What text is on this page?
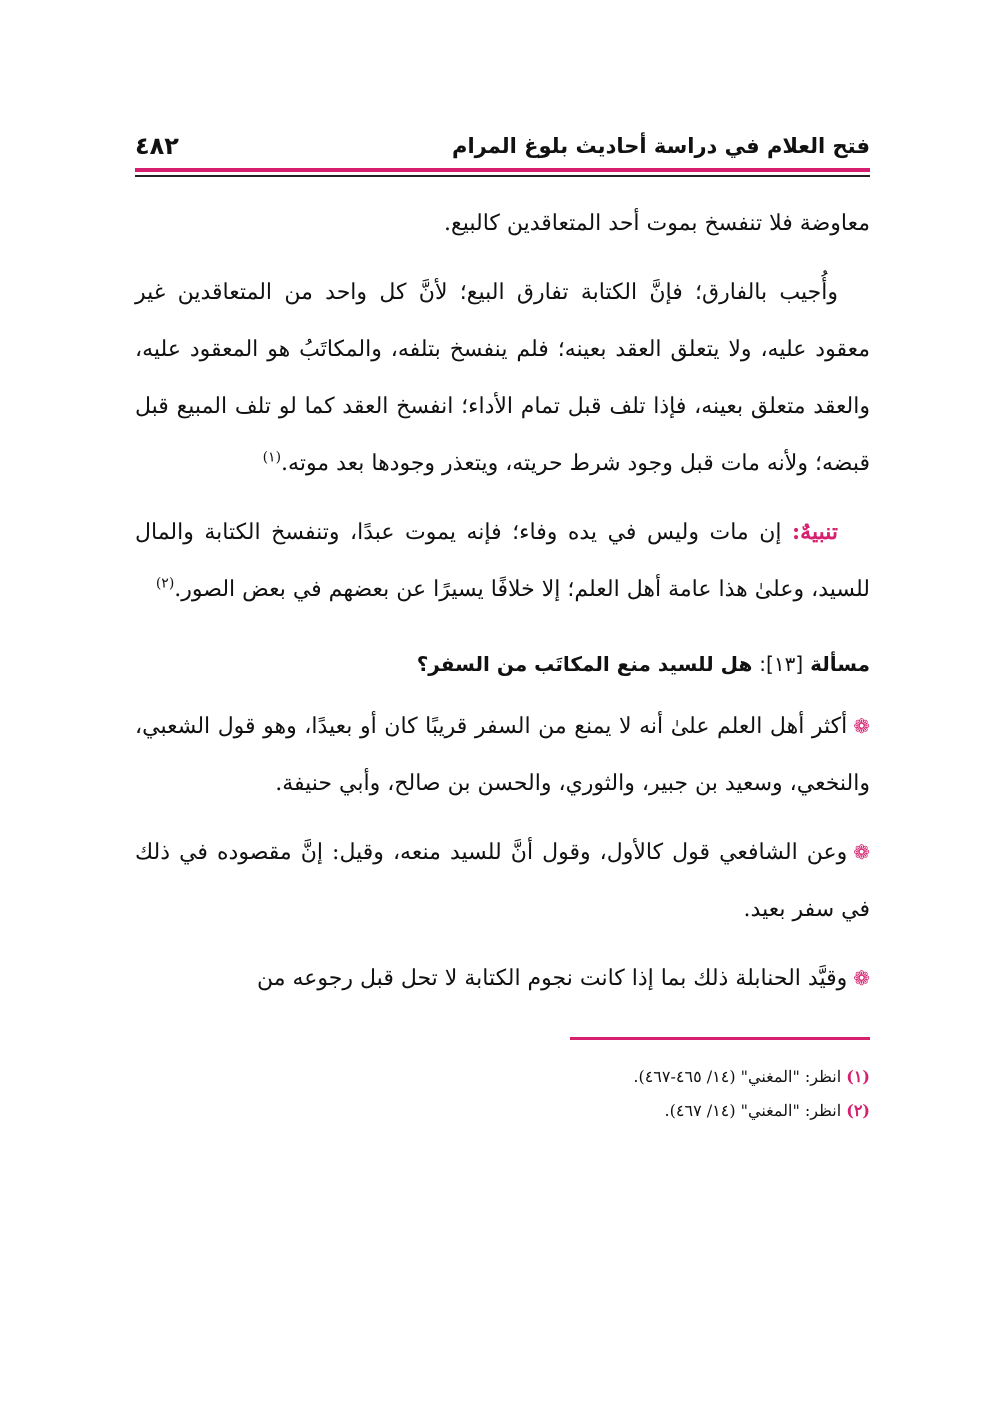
فتح العلام في دراسة أحاديث بلوغ المرام
٤٨٢

معاوضة فلا تنفسخ بموت أحد المتعاقدين كالبيع.

وأُجيب بالفارق؛ فإنَّ الكتابة تفارق البيع؛ لأنَّ كل واحد من المتعاقدين غير معقود عليه، ولا يتعلق العقد بعينه؛ فلم ينفسخ بتلفه، والمكاتَبُ هو المعقود عليه، والعقد متعلق بعينه، فإذا تلف قبل تمام الأداء؛ انفسخ العقد كما لو تلف المبيع قبل قبضه؛ ولأنه مات قبل وجود شرط حريته، ويتعذر وجودها بعد موته.$^{(١)}$

تنبيهٌ: إن مات وليس في يده وفاء؛ فإنه يموت عبدًا، وتنفسخ الكتابة والمال للسيد، وعلىٰ هذا عامة أهل العلم؛ إلا خلافًا يسيرًا عن بعضهم في بعض الصور.$^{(٢)}$

مسألة [١٣]: هل للسيد منع المكاتَب من السفر؟

❁أكثر أهل العلم علىٰ أنه لا يمنع من السفر قريبًا كان أو بعيدًا، وهو قول الشعبي، والنخعي، وسعيد بن جبير، والثوري، والحسن بن صالح، وأبي حنيفة.

❁وعن الشافعي قول كالأول، وقول أنَّ للسيد منعه، وقيل: إنَّ مقصوده في ذلك في سفر بعيد.

❁وقيَّد الحنابلة ذلك بما إذا كانت نجوم الكتابة لا تحل قبل رجوعه من

(١) انظر: "المغني" (١٤/ ٤٦٥-٤٦٧).
(٢) انظر: "المغني" (١٤/ ٤٦٧).
